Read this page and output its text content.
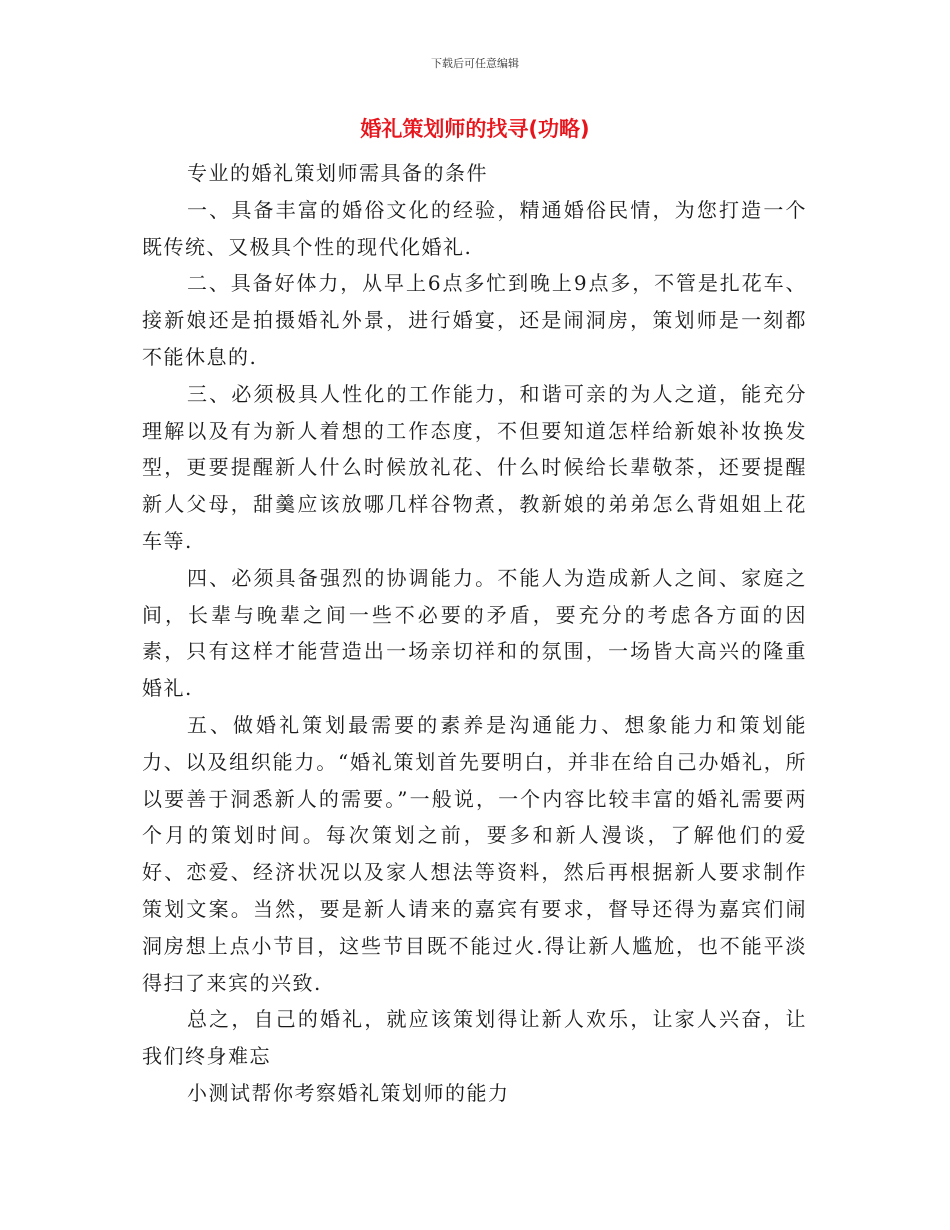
下载后可任意编辑
婚礼策划师的找寻(功略)

专业的婚礼策划师需具备的条件

一、具备丰富的婚俗文化的经验，精通婚俗民情，为您打造一个既传统、又极具个性的现代化婚礼.

二、具备好体力，从早上6点多忙到晚上9点多，不管是扎花车、接新娘还是拍摄婚礼外景，进行婚宴，还是闹洞房，策划师是一刻都不能休息的.

三、必须极具人性化的工作能力，和谐可亲的为人之道，能充分理解以及有为新人着想的工作态度，不但要知道怎样给新娘补妆换发型，更要提醒新人什么时候放礼花、什么时候给长辈敬茶，还要提醒新人父母，甜羹应该放哪几样谷物煮，教新娘的弟弟怎么背姐姐上花车等.

四、必须具备强烈的协调能力。不能人为造成新人之间、家庭之间，长辈与晚辈之间一些不必要的矛盾，要充分的考虑各方面的因素，只有这样才能营造出一场亲切祥和的氛围，一场皆大高兴的隆重婚礼.

五、做婚礼策划最需要的素养是沟通能力、想象能力和策划能力、以及组织能力。“婚礼策划首先要明白，并非在给自己办婚礼，所以要善于洞悉新人的需要。”一般说，一个内容比较丰富的婚礼需要两个月的策划时间。每次策划之前，要多和新人漫谈，了解他们的爱好、恋爱、经济状况以及家人想法等资料，然后再根据新人要求制作策划文案。当然，要是新人请来的嘉宾有要求，督导还得为嘉宾们闹洞房想上点小节目，这些节目既不能过火.得让新人尴尬，也不能平淡得扫了来宾的兴致.

总之，自己的婚礼，就应该策划得让新人欢乐，让家人兴奋，让我们终身难忘

小测试帮你考察婚礼策划师的能力
